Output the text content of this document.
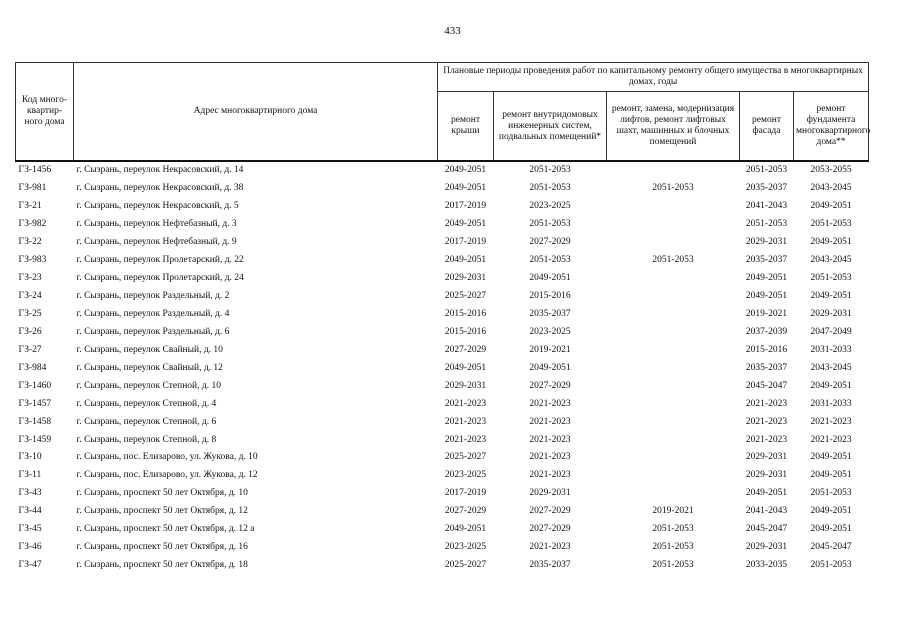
433
Код много-квартир-ного дома	Адрес многоквартирного дома	Плановые периоды проведения работ по капитальному ремонту общего имущества в многоквартирных домах, годы				
		ремонт крыши	ремонт внутридомовых инженерных систем, подвальных помещений*	ремонт, замена, модернизация лифтов, ремонт лифтовых шахт, машинных и блочных помещений	ремонт фасада	ремонт фундамента многоквартирного дома**
ГЗ-1456	г. Сызрань, переулок Некрасовский, д. 14	2049-2051	2051-2053		2051-2053	2053-2055
ГЗ-981	г. Сызрань, переулок Некрасовский, д. 38	2049-2051	2051-2053	2051-2053	2035-2037	2043-2045
ГЗ-21	г. Сызрань, переулок Некрасовский, д. 5	2017-2019	2023-2025		2041-2043	2049-2051
ГЗ-982	г. Сызрань, переулок Нефтебазный, д. 3	2049-2051	2051-2053		2051-2053	2051-2053
ГЗ-22	г. Сызрань, переулок Нефтебазный, д. 9	2017-2019	2027-2029		2029-2031	2049-2051
ГЗ-983	г. Сызрань, переулок Пролетарский, д. 22	2049-2051	2051-2053	2051-2053	2035-2037	2043-2045
ГЗ-23	г. Сызрань, переулок Пролетарский, д. 24	2029-2031	2049-2051		2049-2051	2051-2053
ГЗ-24	г. Сызрань, переулок Раздельный, д. 2	2025-2027	2015-2016		2049-2051	2049-2051
ГЗ-25	г. Сызрань, переулок Раздельный, д. 4	2015-2016	2035-2037		2019-2021	2029-2031
ГЗ-26	г. Сызрань, переулок Раздельный, д. 6	2015-2016	2023-2025		2037-2039	2047-2049
ГЗ-27	г. Сызрань, переулок Свайный, д. 10	2027-2029	2019-2021		2015-2016	2031-2033
ГЗ-984	г. Сызрань, переулок Свайный, д. 12	2049-2051	2049-2051		2035-2037	2043-2045
ГЗ-1460	г. Сызрань, переулок Степной, д. 10	2029-2031	2027-2029		2045-2047	2049-2051
ГЗ-1457	г. Сызрань, переулок Степной, д. 4	2021-2023	2021-2023		2021-2023	2031-2033
ГЗ-1458	г. Сызрань, переулок Степной, д. 6	2021-2023	2021-2023		2021-2023	2021-2023
ГЗ-1459	г. Сызрань, переулок Степной, д. 8	2021-2023	2021-2023		2021-2023	2021-2023
ГЗ-10	г. Сызрань, пос. Елизарово, ул. Жукова, д. 10	2025-2027	2021-2023		2029-2031	2049-2051
ГЗ-11	г. Сызрань, пос. Елизарово, ул. Жукова, д. 12	2023-2025	2021-2023		2029-2031	2049-2051
ГЗ-43	г. Сызрань, проспект 50 лет Октября, д. 10	2017-2019	2029-2031		2049-2051	2051-2053
ГЗ-44	г. Сызрань, проспект 50 лет Октября, д. 12	2027-2029	2027-2029	2019-2021	2041-2043	2049-2051
ГЗ-45	г. Сызрань, проспект 50 лет Октября, д. 12 а	2049-2051	2027-2029	2051-2053	2045-2047	2049-2051
ГЗ-46	г. Сызрань, проспект 50 лет Октября, д. 16	2023-2025	2021-2023	2051-2053	2029-2031	2045-2047
ГЗ-47	г. Сызрань, проспект 50 лет Октября, д. 18	2025-2027	2035-2037	2051-2053	2033-2035	2051-2053
